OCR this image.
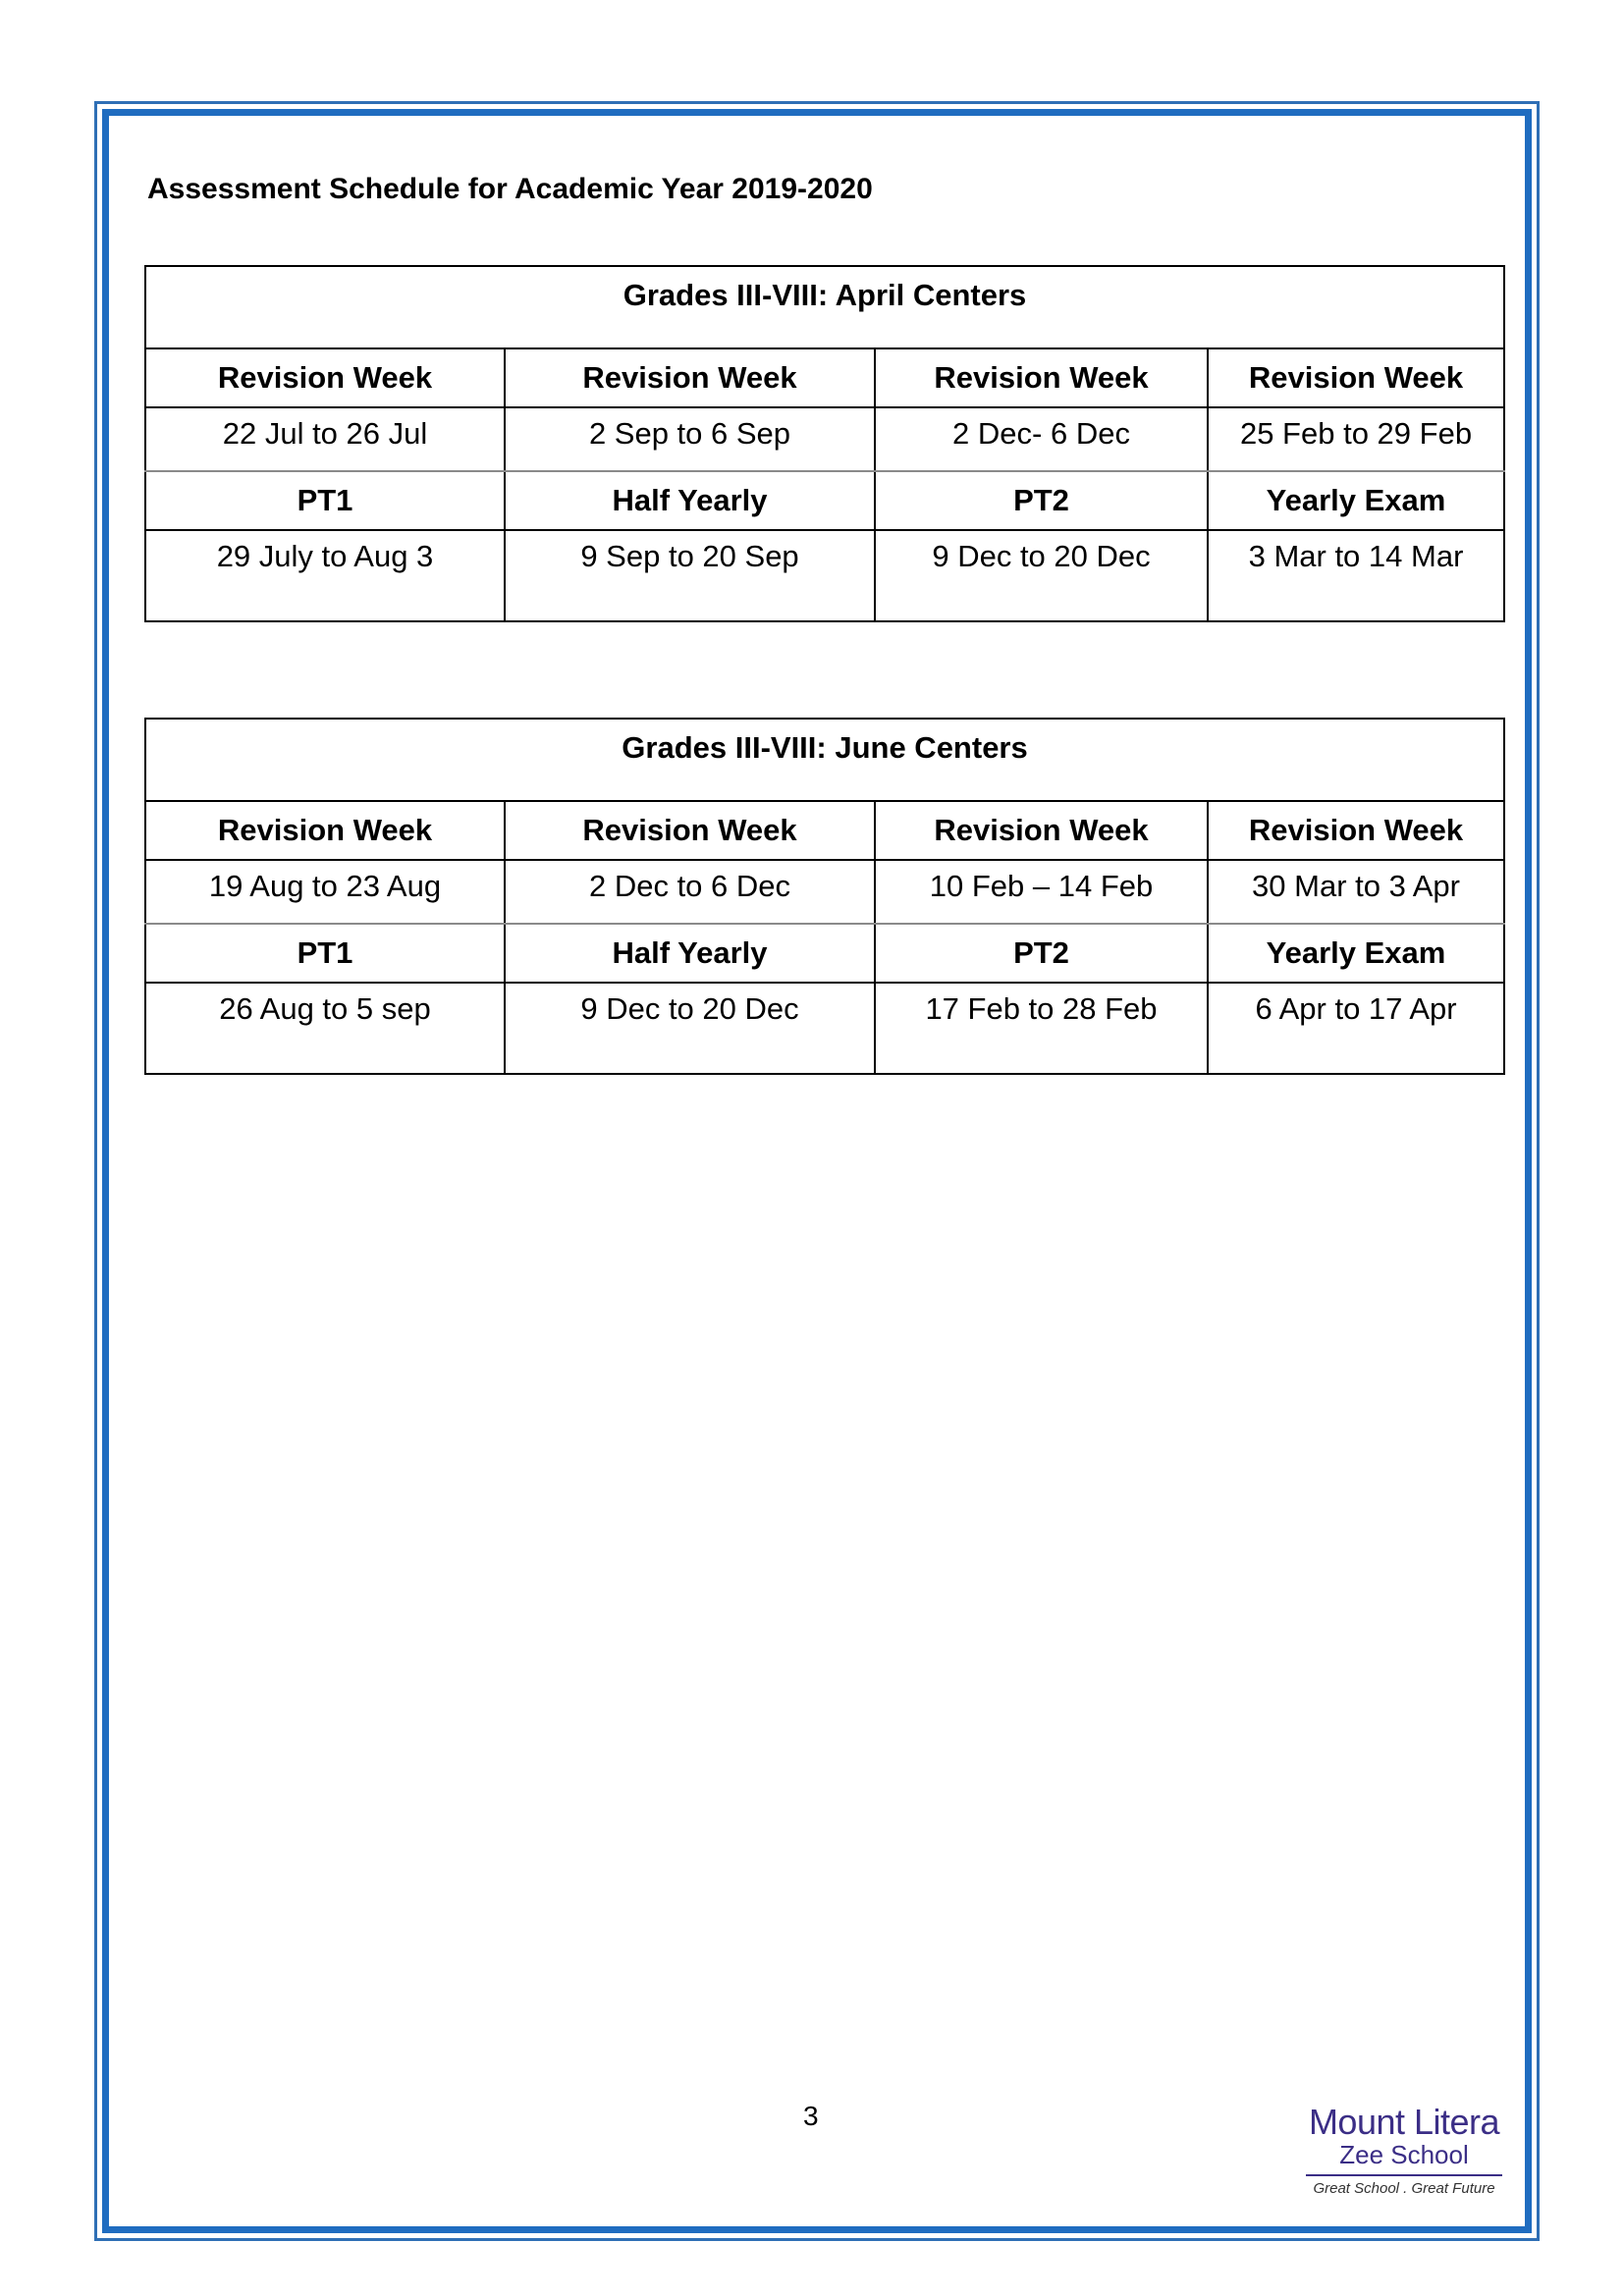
Assessment Schedule for Academic Year 2019-2020
Grades III-VIII: April Centers			
Revision Week	Revision Week	Revision Week	Revision Week
22 Jul to 26 Jul	2 Sep to 6 Sep	2 Dec- 6 Dec	25 Feb to 29 Feb
PT1	Half Yearly	PT2	Yearly Exam
29 July to Aug 3	9 Sep to 20 Sep	9 Dec to 20 Dec	3 Mar to 14 Mar
Grades III-VIII: June Centers			
Revision Week	Revision Week	Revision Week	Revision Week
19 Aug to 23 Aug	2 Dec to 6 Dec	10 Feb – 14 Feb	30 Mar to 3 Apr
PT1	Half Yearly	PT2	Yearly Exam
26 Aug to 5 sep	9 Dec to 20 Dec	17 Feb to 28 Feb	6 Apr to 17 Apr

3	Mount Litera
Zee School
Great School . Great Future
